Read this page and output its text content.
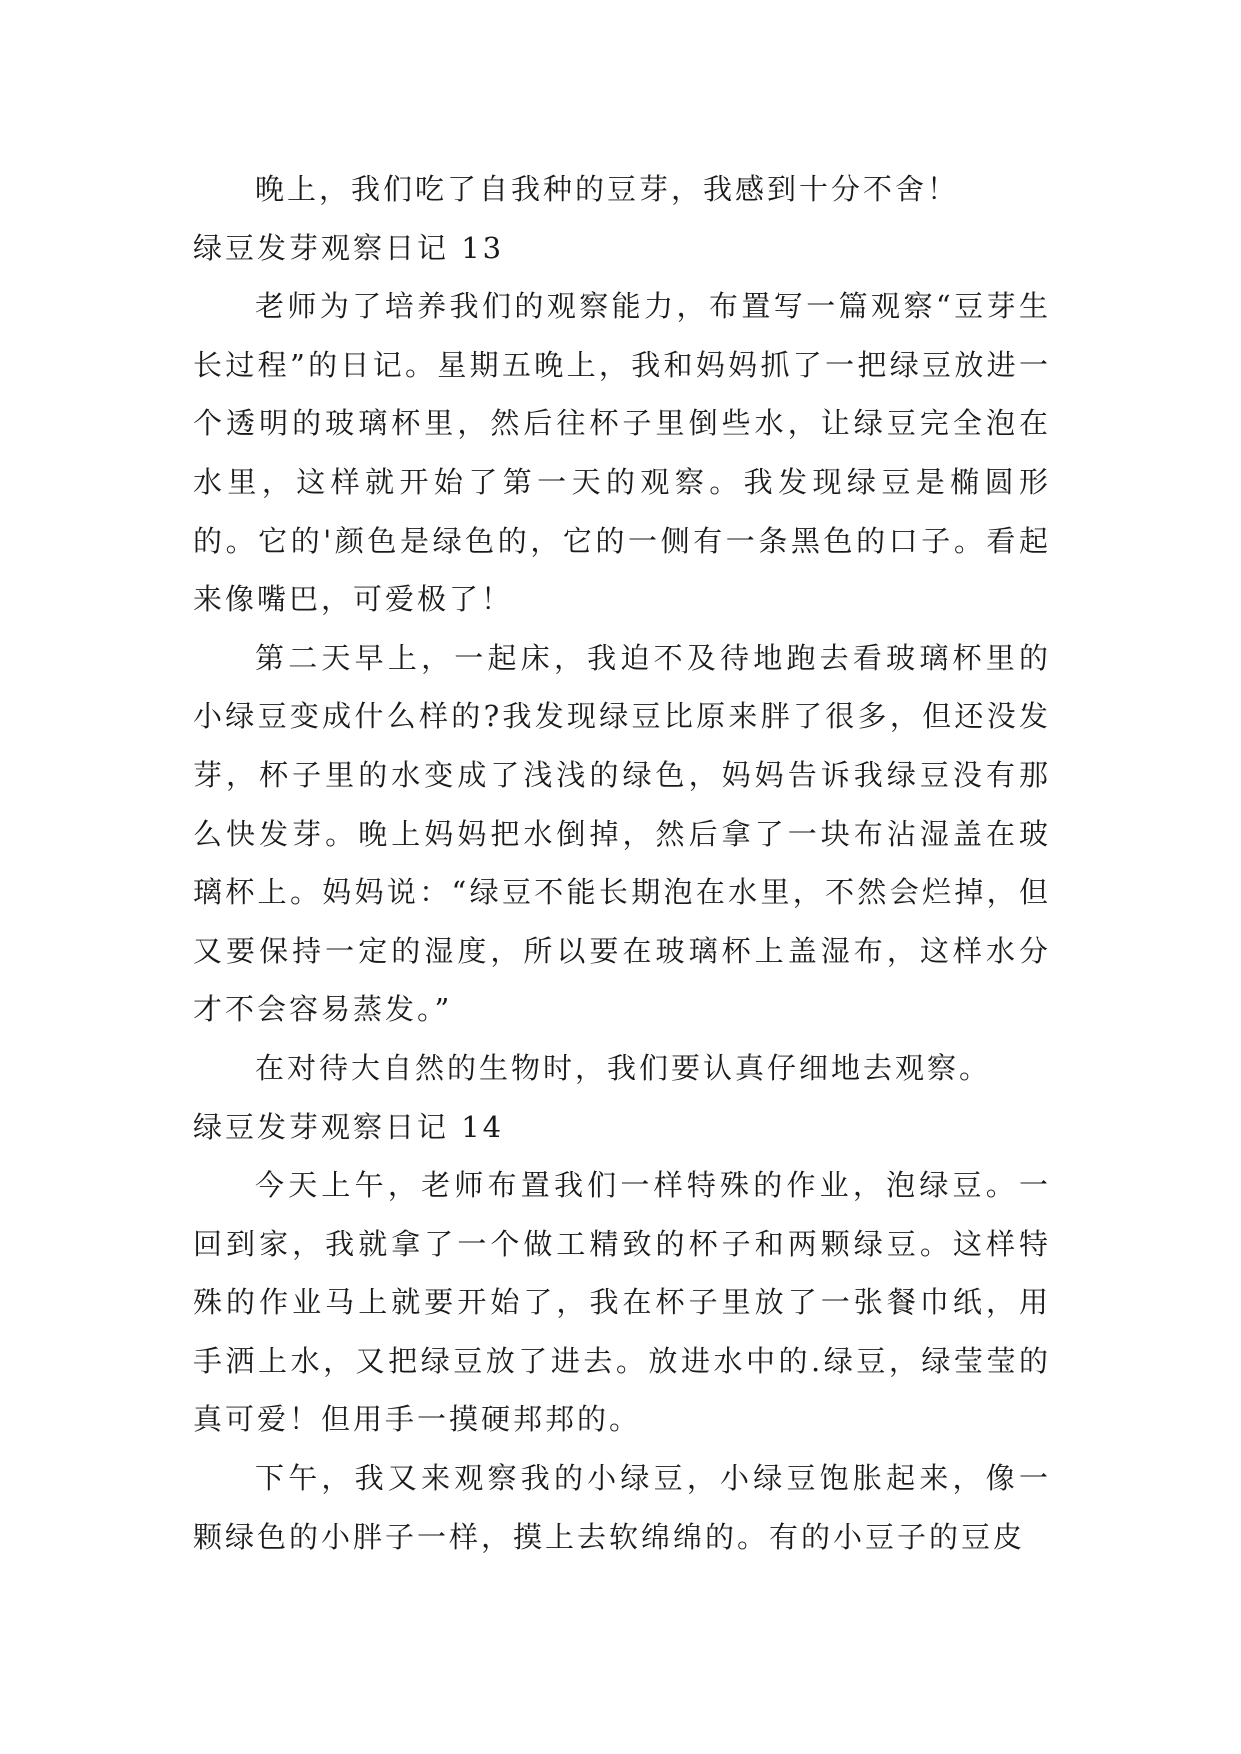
晚上，我们吃了自我种的豆芽，我感到十分不舍！

绿豆发芽观察日记 13

老师为了培养我们的观察能力，布置写一篇观察“豆芽生长过程”的日记。星期五晚上，我和妈妈抓了一把绿豆放进一个透明的玻璃杯里，然后往杯子里倒些水，让绿豆完全泡在水里，这样就开始了第一天的观察。我发现绿豆是椭圆形的。它的'颜色是绿色的，它的一侧有一条黑色的口子。看起来像嘴巴，可爱极了！

第二天早上，一起床，我迫不及待地跑去看玻璃杯里的小绿豆变成什么样的?我发现绿豆比原来胖了很多，但还没发芽，杯子里的水变成了浅浅的绿色，妈妈告诉我绿豆没有那么快发芽。晚上妈妈把水倒掉，然后拿了一块布沾湿盖在玻璃杯上。妈妈说：“绿豆不能长期泡在水里，不然会烂掉，但又要保持一定的湿度，所以要在玻璃杯上盖湿布，这样水分才不会容易蒸发。”

在对待大自然的生物时，我们要认真仔细地去观察。

绿豆发芽观察日记 14

今天上午，老师布置我们一样特殊的作业，泡绿豆。一回到家，我就拿了一个做工精致的杯子和两颗绿豆。这样特殊的作业马上就要开始了，我在杯子里放了一张餐巾纸，用手洒上水，又把绿豆放了进去。放进水中的.绿豆，绿莹莹的真可爱！但用手一摸硬邦邦的。

下午，我又来观察我的小绿豆，小绿豆饱胀起来，像一颗绿色的小胖子一样，摸上去软绵绵的。有的小豆子的豆皮
